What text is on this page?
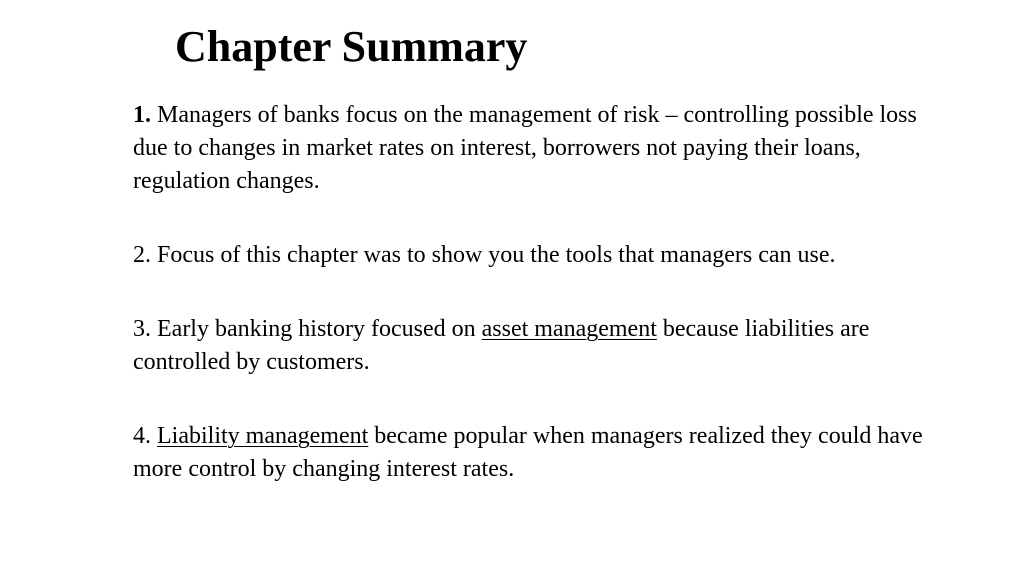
Chapter Summary

1. Managers of banks focus on the management of risk – controlling possible loss due to changes in market rates on interest, borrowers not paying their loans, regulation changes.

2. Focus of this chapter was to show you the tools that managers can use.

3. Early banking history focused on asset management because liabilities are controlled by customers.

4. Liability management became popular when managers realized they could have more control by changing interest rates.
